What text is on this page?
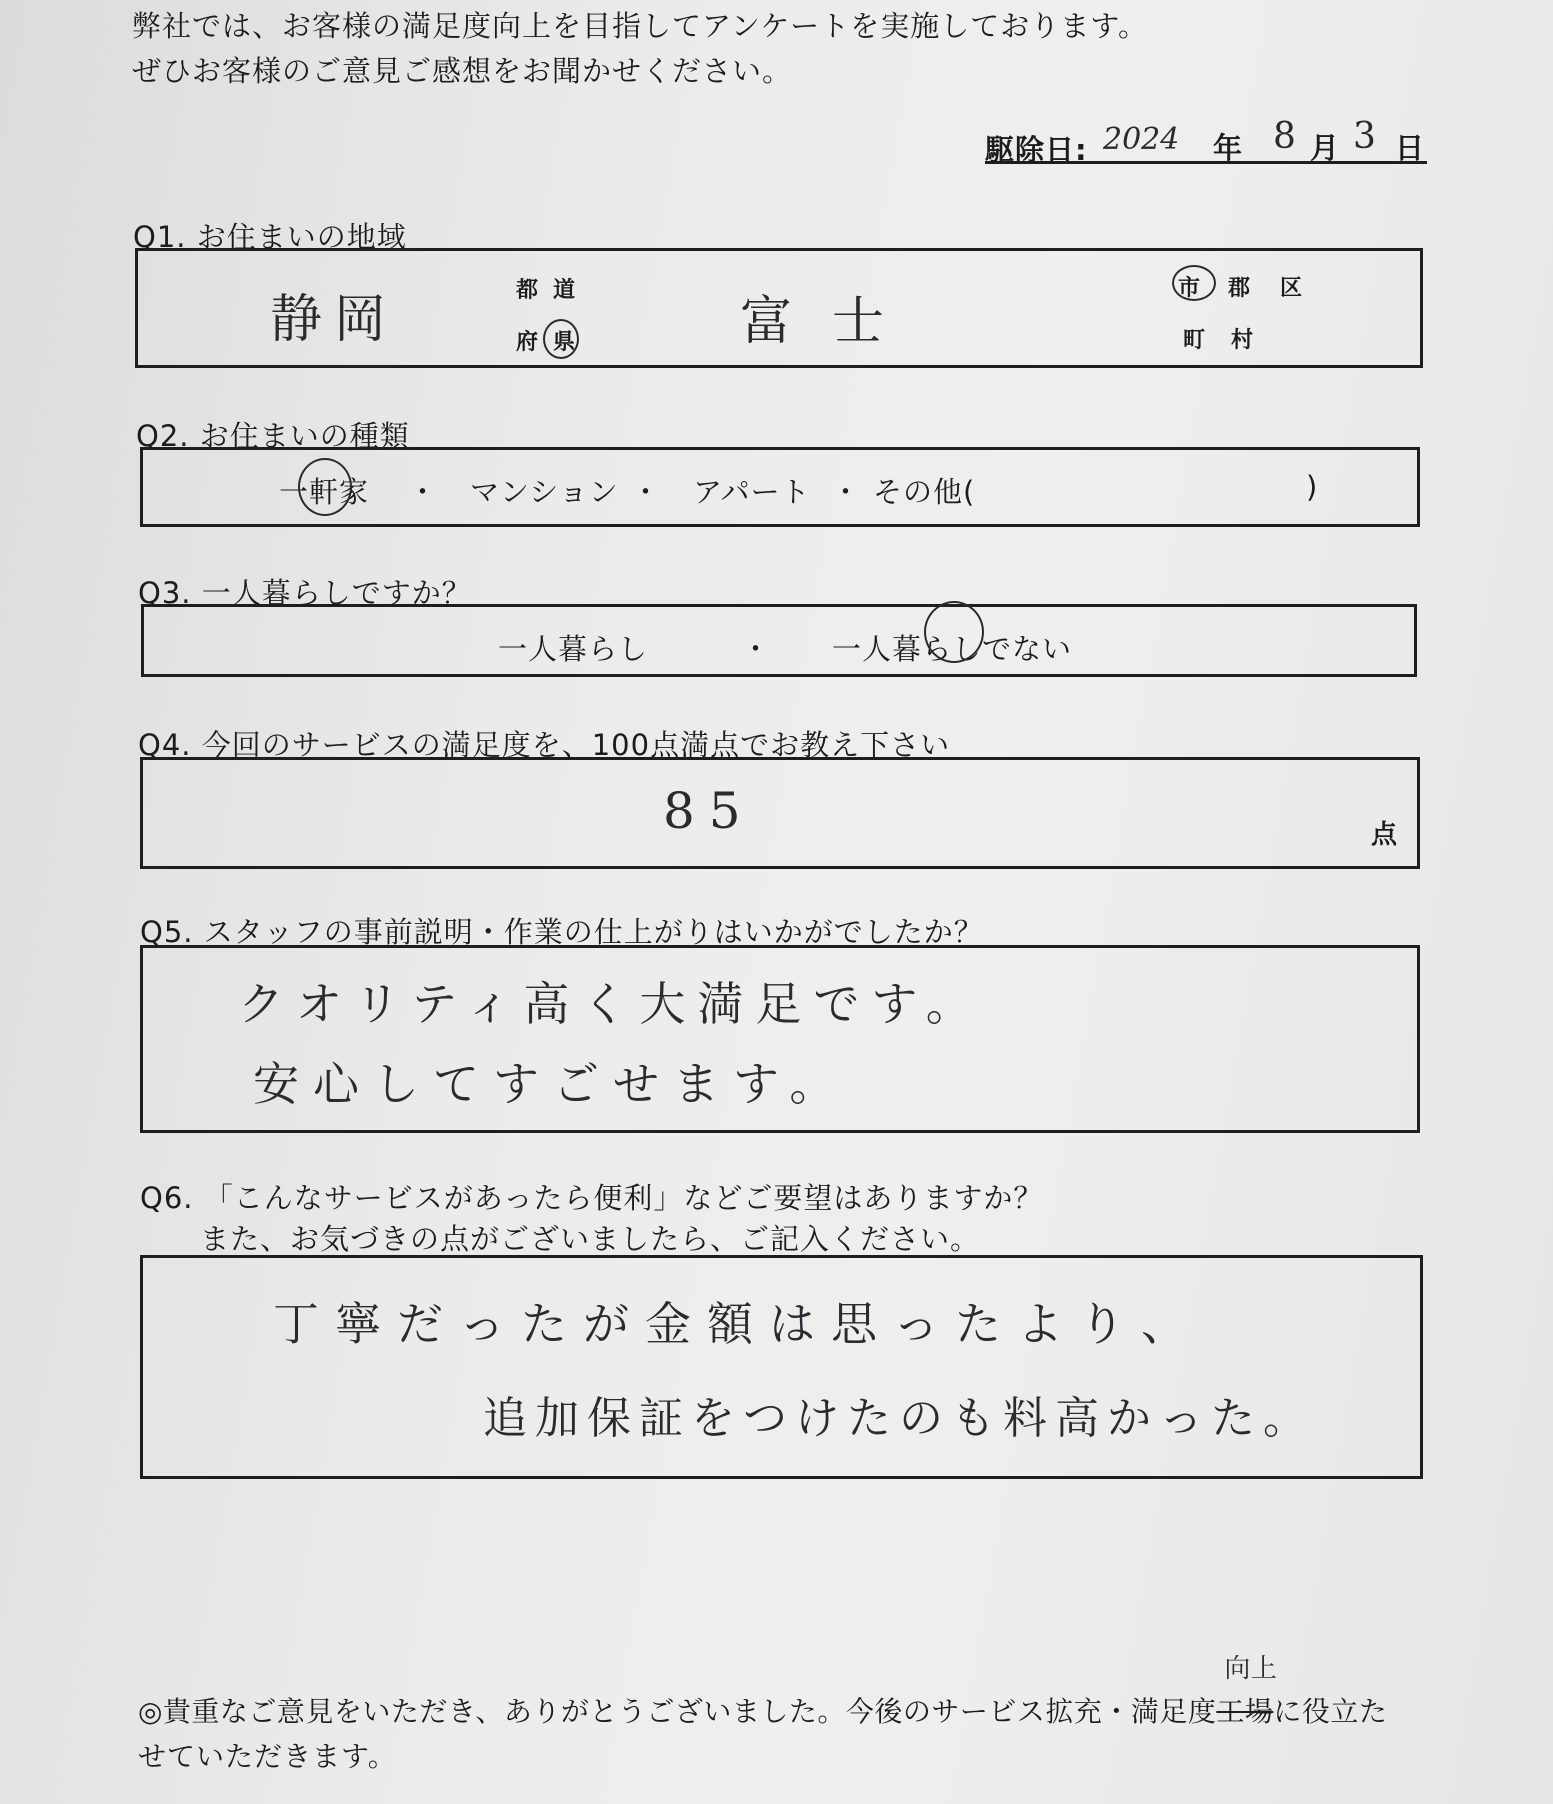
弊社では、お客様の満足度向上を目指してアンケートを実施しております。
ぜひお客様のご意見ご感想をお聞かせください。
駆除日: 2024 年 8 月 3 日
Q1. お住まいの地域
静岡	都 道
府 県	富士
市 郡 区
町 村
Q2. お住まいの種類
一軒家 ・ マンション ・ アパート ・ その他(	)
Q3. 一人暮らしですか？
一人暮らし	・ 一人暮らしでない
Q4. 今回のサービスの満足度を、100点満点でお教え下さい
85	点
Q5. スタッフの事前説明・作業の仕上がりはいかがでしたか？
クオリティ高く大満足です。
安心してすごせます。
Q6. 「こんなサービスがあったら便利」などご要望はありますか？
また、お気づきの点がございましたら、ご記入ください。
丁寧だったが金額は思ったより、
追加保証をつけたのも料高かった。
◎貴重なご意見をいただき、ありがとうございました。今後のサービス拡充・満足度工場
向上
に役立た
せていただきます。
